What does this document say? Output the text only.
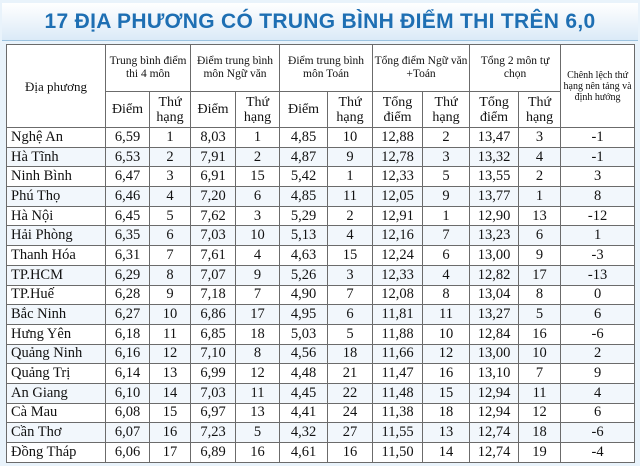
17 ĐỊA PHƯƠNG CÓ TRUNG BÌNH ĐIỂM THI TRÊN 6,0
Địa phương	Trung bình điểm thi 4 môn		Điểm trung bình môn Ngữ văn		Điểm trung bình môn Toán		Tổng điểm Ngữ văn +Toán		Tổng 2 môn tự chọn		Chênh lệch thứ hạng nên tảng và định hướng
	Điểm	Thứ hạng	Điểm	Thứ hạng	Điểm	Thứ hạng	Tổng điểm	Thứ hạng	Tổng điểm	Thứ hạng	
Nghệ An	6,59	1	8,03	1	4,85	10	12,88	2	13,47	3	-1
Hà Tĩnh	6,53	2	7,91	2	4,87	9	12,78	3	13,32	4	-1
Ninh Bình	6,47	3	6,91	15	5,42	1	12,33	5	13,55	2	3
Phú Thọ	6,46	4	7,20	6	4,85	11	12,05	9	13,77	1	8
Hà Nội	6,45	5	7,62	3	5,29	2	12,91	1	12,90	13	-12
Hải Phòng	6,35	6	7,03	10	5,13	4	12,16	7	13,23	6	1
Thanh Hóa	6,31	7	7,61	4	4,63	15	12,24	6	13,00	9	-3
TP.HCM	6,29	8	7,07	9	5,26	3	12,33	4	12,82	17	-13
TP.Huế	6,28	9	7,18	7	4,90	7	12,08	8	13,04	8	0
Bắc Ninh	6,27	10	6,86	17	4,95	6	11,81	11	13,27	5	6
Hưng Yên	6,18	11	6,85	18	5,03	5	11,88	10	12,84	16	-6
Quảng Ninh	6,16	12	7,10	8	4,56	18	11,66	12	13,00	10	2
Quảng Trị	6,14	13	6,99	12	4,48	21	11,47	16	13,10	7	9
An Giang	6,10	14	7,03	11	4,45	22	11,48	15	12,94	11	4
Cà Mau	6,08	15	6,97	13	4,41	24	11,38	18	12,94	12	6
Cần Thơ	6,07	16	7,23	5	4,32	27	11,55	13	12,74	18	-6
Đồng Tháp	6,06	17	6,89	16	4,61	16	11,50	14	12,74	19	-4
